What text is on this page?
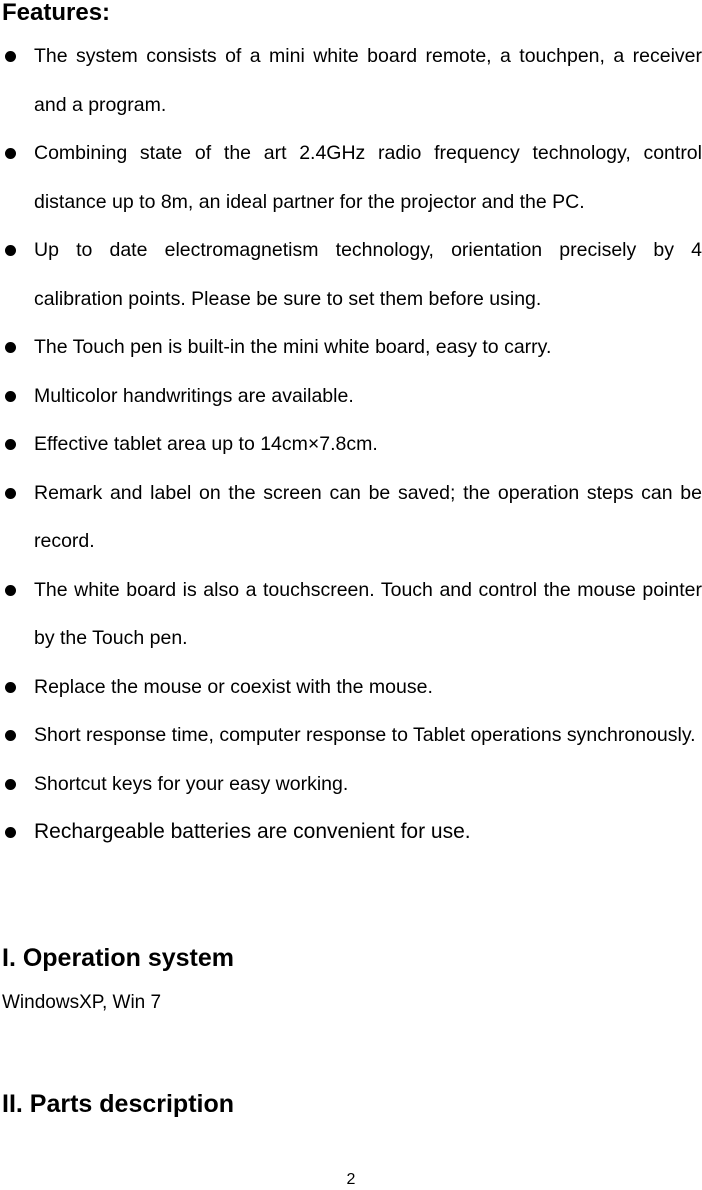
Features:
The system consists of a mini white board remote, a touchpen, a receiver and a program.
Combining state of the art 2.4GHz radio frequency technology, control distance up to 8m, an ideal partner for the projector and the PC.
Up to date electromagnetism technology, orientation precisely by 4 calibration points. Please be sure to set them before using.
The Touch pen is built-in the mini white board, easy to carry.
Multicolor handwritings are available.
Effective tablet area up to 14cm×7.8cm.
Remark and label on the screen can be saved; the operation steps can be record.
The white board is also a touchscreen. Touch and control the mouse pointer by the Touch pen.
Replace the mouse or coexist with the mouse.
Short response time, computer response to Tablet operations synchronously.
Shortcut keys for your easy working.
Rechargeable batteries are convenient for use.
I. Operation system
WindowsXP, Win 7
II. Parts description
2
